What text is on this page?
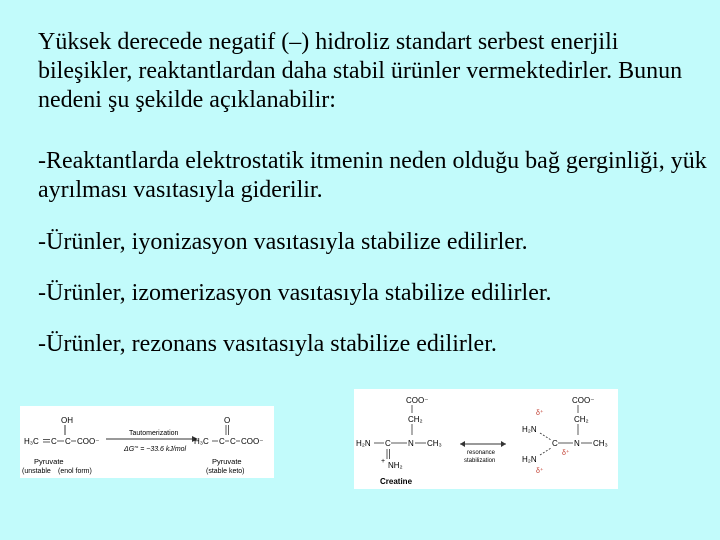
Yüksek derecede negatif (–) hidroliz standart serbest enerjili bileşikler, reaktantlardan daha stabil ürünler vermektedirler. Bunun nedeni şu şekilde açıklanabilir:

-Reaktantlarda elektrostatik itmenin neden olduğu bağ gerginliği, yük ayrılması vasıtasıyla giderilir.

-Ürünler, iyonizasyon vasıtasıyla stabilize edilirler.

-Ürünler, izomerizasyon vasıtasıyla stabilize edilirler.

-Ürünler, rezonans vasıtasıyla stabilize edilirler.

OH
H₃C C C COO⁻
Tautomerization
ΔG′° = −33.6 kJ/mol
O
H₃C C C COO⁻
Pyruvate
(unstable (enol form)
Pyruvate
(stable keto)
COO⁻
CH₂
H₂N C N CH₃
+ NH₂
Creatine
resonance
stabilization
COO⁻
CH₂
δ⁺
H₂N
C N CH₃
δ⁺
H₂N
δ⁺
